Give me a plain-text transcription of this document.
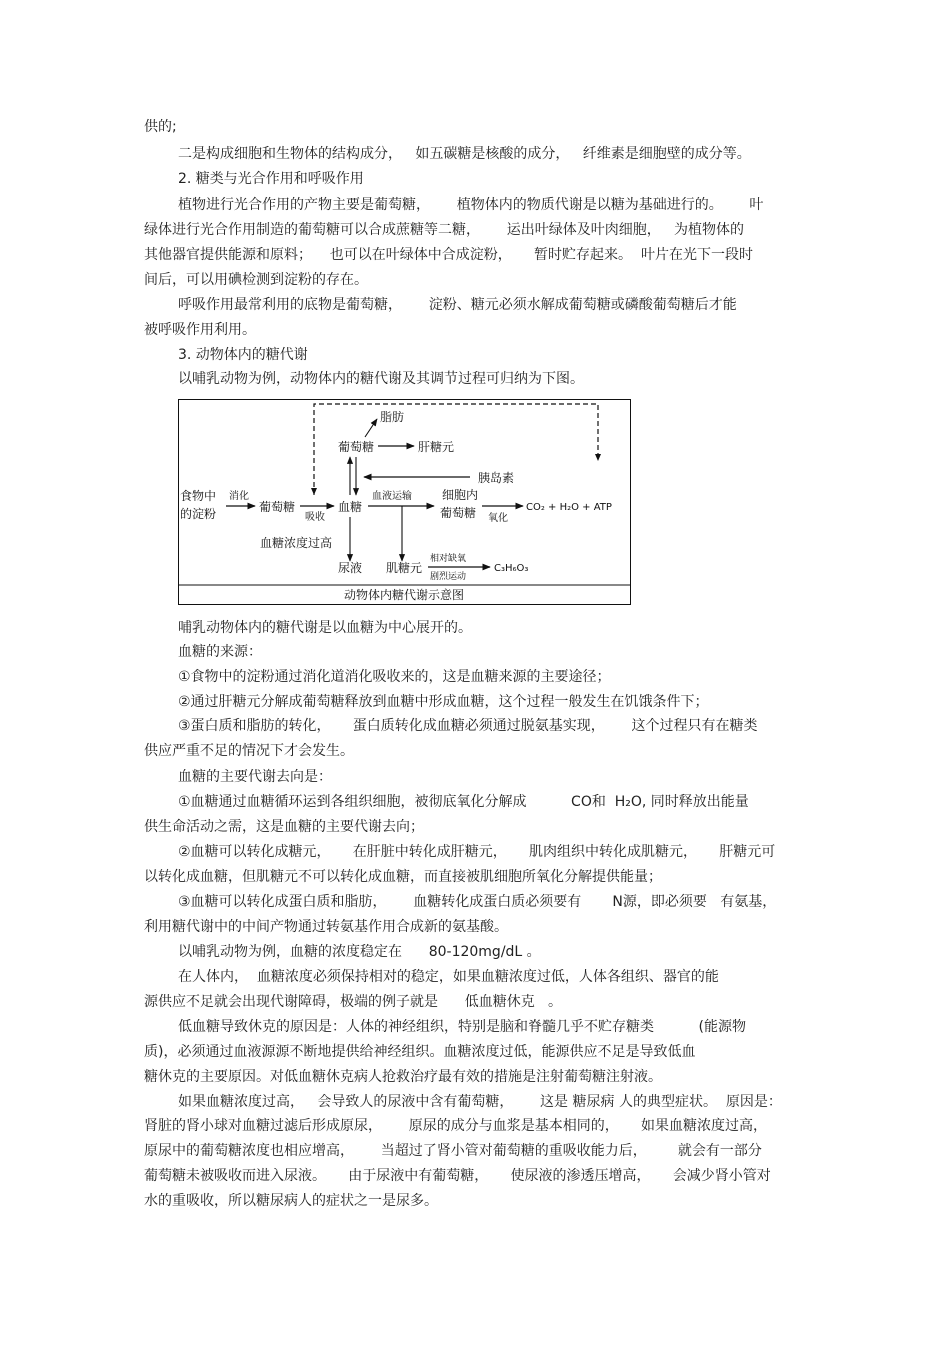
供的;
二是构成细胞和生物体的结构成分，   如五碳糖是核酸的成分，   纤维素是细胞壁的成分等。
2. 糖类与光合作用和呼吸作用
植物进行光合作用的产物主要是葡萄糖，      植物体内的物质代谢是以糖为基础进行的。      叶
绿体进行光合作用制造的葡萄糖可以合成蔗糖等二糖，      运出叶绿体及叶肉细胞，   为植物体的
其他器官提供能源和原料；    也可以在叶绿体中合成淀粉，     暂时贮存起来。  叶片在光下一段时
间后，可以用碘检测到淀粉的存在。
呼吸作用最常利用的底物是葡萄糖，      淀粉、糖元必须水解成葡萄糖或磷酸葡萄糖后才能
被呼吸作用利用。
3. 动物体内的糖代谢
以哺乳动物为例，动物体内的糖代谢及其调节过程可归纳为下图。
动物体内糖代谢示意图
食物中
的淀粉
消化
葡萄糖
吸收
血糖
脂肪
葡萄糖	肝糖元
胰岛素
血液运输	细胞内
葡萄糖 氧化
CO₂ + H₂O + ATP
血糖浓度过高
尿液 肌糖元
相对缺氧
剧烈运动
C₃H₆O₃
哺乳动物体内的糖代谢是以血糖为中心展开的。
血糖的来源：
①食物中的淀粉通过消化道消化吸收来的，这是血糖来源的主要途径；
②通过肝糖元分解成葡萄糖释放到血糖中形成血糖，这个过程一般发生在饥饿条件下；
③蛋白质和脂肪的转化，     蛋白质转化成血糖必须通过脱氨基实现，      这个过程只有在糖类
供应严重不足的情况下才会发生。
血糖的主要代谢去向是：
①血糖通过血糖循环运到各组织细胞，被彻底氧化分解成          CO和  H₂O, 同时释放出能量
供生命活动之需，这是血糖的主要代谢去向；
②血糖可以转化成糖元，     在肝脏中转化成肝糖元，     肌肉组织中转化成肌糖元，     肝糖元可
以转化成血糖，但肌糖元不可以转化成血糖，而直接被肌细胞所氧化分解提供能量；
③血糖可以转化成蛋白质和脂肪，      血糖转化成蛋白质必须要有       N源，即必须要   有氨基，
利用糖代谢中的中间产物通过转氨基作用合成新的氨基酸。
以哺乳动物为例，血糖的浓度稳定在      80-120mg/dL 。
在人体内，  血糖浓度必须保持相对的稳定，如果血糖浓度过低，人体各组织、器官的能
源供应不足就会出现代谢障碍，极端的例子就是      低血糖休克   。
低血糖导致休克的原因是：人体的神经组织，特别是脑和脊髓几乎不贮存糖类          (能源物
质)，必须通过血液源源不断地提供给神经组织。血糖浓度过低，能源供应不足是导致低血
糖休克的主要原因。对低血糖休克病人抢救治疗最有效的措施是注射葡萄糖注射液。
如果血糖浓度过高，   会导致人的尿液中含有葡萄糖，      这是 糖尿病 人的典型症状。  原因是：
肾脏的肾小球对血糖过滤后形成原尿，      原尿的成分与血浆是基本相同的，     如果血糖浓度过高，
原尿中的葡萄糖浓度也相应增高，      当超过了肾小管对葡萄糖的重吸收能力后，       就会有一部分
葡萄糖未被吸收而进入尿液。     由于尿液中有葡萄糖，     使尿液的渗透压增高，     会减少肾小管对
水的重吸收，所以糖尿病人的症状之一是尿多。
